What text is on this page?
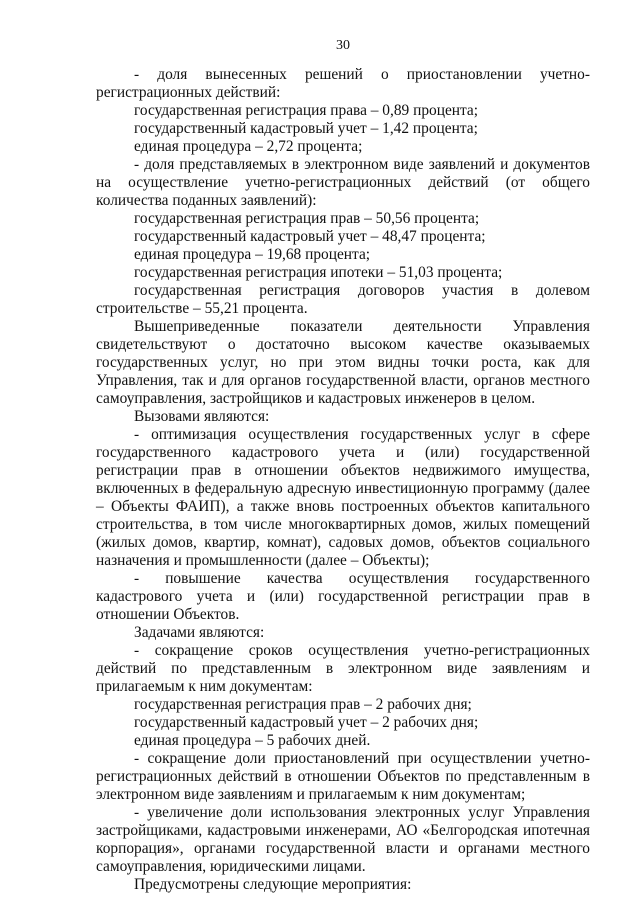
30

- доля вынесенных решений о приостановлении учетно-регистрационных действий:

государственная регистрация права – 0,89 процента;

государственный кадастровый учет – 1,42 процента;

единая процедура – 2,72 процента;

- доля представляемых в электронном виде заявлений и документов на осуществление учетно-регистрационных действий (от общего количества поданных заявлений):

государственная регистрация прав – 50,56 процента;

государственный кадастровый учет – 48,47 процента;

единая процедура – 19,68 процента;

государственная регистрация ипотеки – 51,03 процента;

государственная регистрация договоров участия в долевом строительстве – 55,21 процента.

Вышеприведенные показатели деятельности Управления свидетельствуют о достаточно высоком качестве оказываемых государственных услуг, но при этом видны точки роста, как для Управления, так и для органов государственной власти, органов местного самоуправления, застройщиков и кадастровых инженеров в целом.

Вызовами являются:

- оптимизация осуществления государственных услуг в сфере государственного кадастрового учета и (или) государственной регистрации прав в отношении объектов недвижимого имущества, включенных в федеральную адресную инвестиционную программу (далее – Объекты ФАИП), а также вновь построенных объектов капитального строительства, в том числе многоквартирных домов, жилых помещений (жилых домов, квартир, комнат), садовых домов, объектов социального назначения и промышленности (далее – Объекты);

- повышение качества осуществления государственного кадастрового учета и (или) государственной регистрации прав в отношении Объектов.

Задачами являются:

- сокращение сроков осуществления учетно-регистрационных действий по представленным в электронном виде заявлениям и прилагаемым к ним документам:

государственная регистрация прав – 2 рабочих дня;

государственный кадастровый учет – 2 рабочих дня;

единая процедура – 5 рабочих дней.

- сокращение доли приостановлений при осуществлении учетно-регистрационных действий в отношении Объектов по представленным в электронном виде заявлениям и прилагаемым к ним документам;

- увеличение доли использования электронных услуг Управления застройщиками, кадастровыми инженерами, АО «Белгородская ипотечная корпорация», органами государственной власти и органами местного самоуправления, юридическими лицами.

Предусмотрены следующие мероприятия:
